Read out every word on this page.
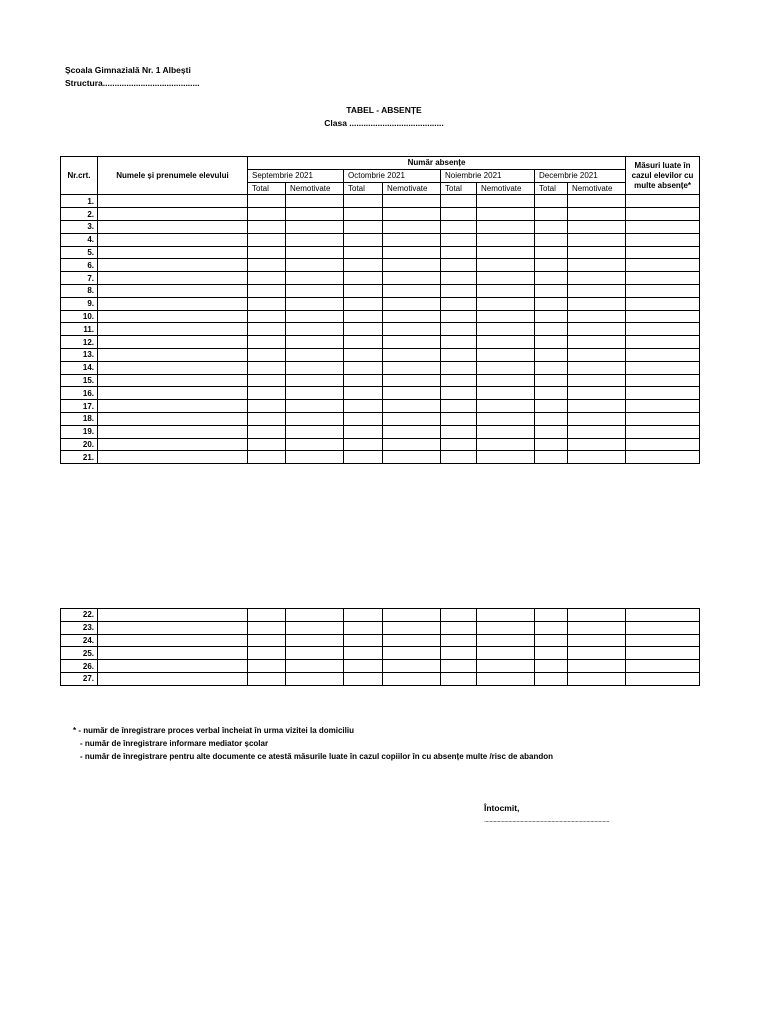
Școala Gimnazială Nr. 1 Albești
Structura.........................................
TABEL - ABSENȚE
Clasa ........................................
Nr.crt.	Numele și prenumele elevului	Număr absențe								Măsuri luate în cazul elevilor cu multe absențe*
		Septembrie 2021		Octombrie 2021		Noiembrie 2021		Decembrie 2021		
		Total	Nemotivate	Total	Nemotivate	Total	Nemotivate	Total	Nemotivate	
1.										
2.										
3.										
4.										
5.										
6.										
7.										
8.										
9.										
10.										
11.										
12.										
13.										
14.										
15.										
16.										
17.										
18.										
19.										
20.										
21.										
22.										
23.										
24.										
25.										
26.										
27.										
* - număr de înregistrare proces verbal încheiat în urma vizitei la domiciliu
- număr de înregistrare informare mediator școlar
- număr de înregistrare pentru alte documente ce atestă măsurile luate în cazul copiilor în cu absențe multe /risc de abandon
Întocmit,
.............................................................................................
